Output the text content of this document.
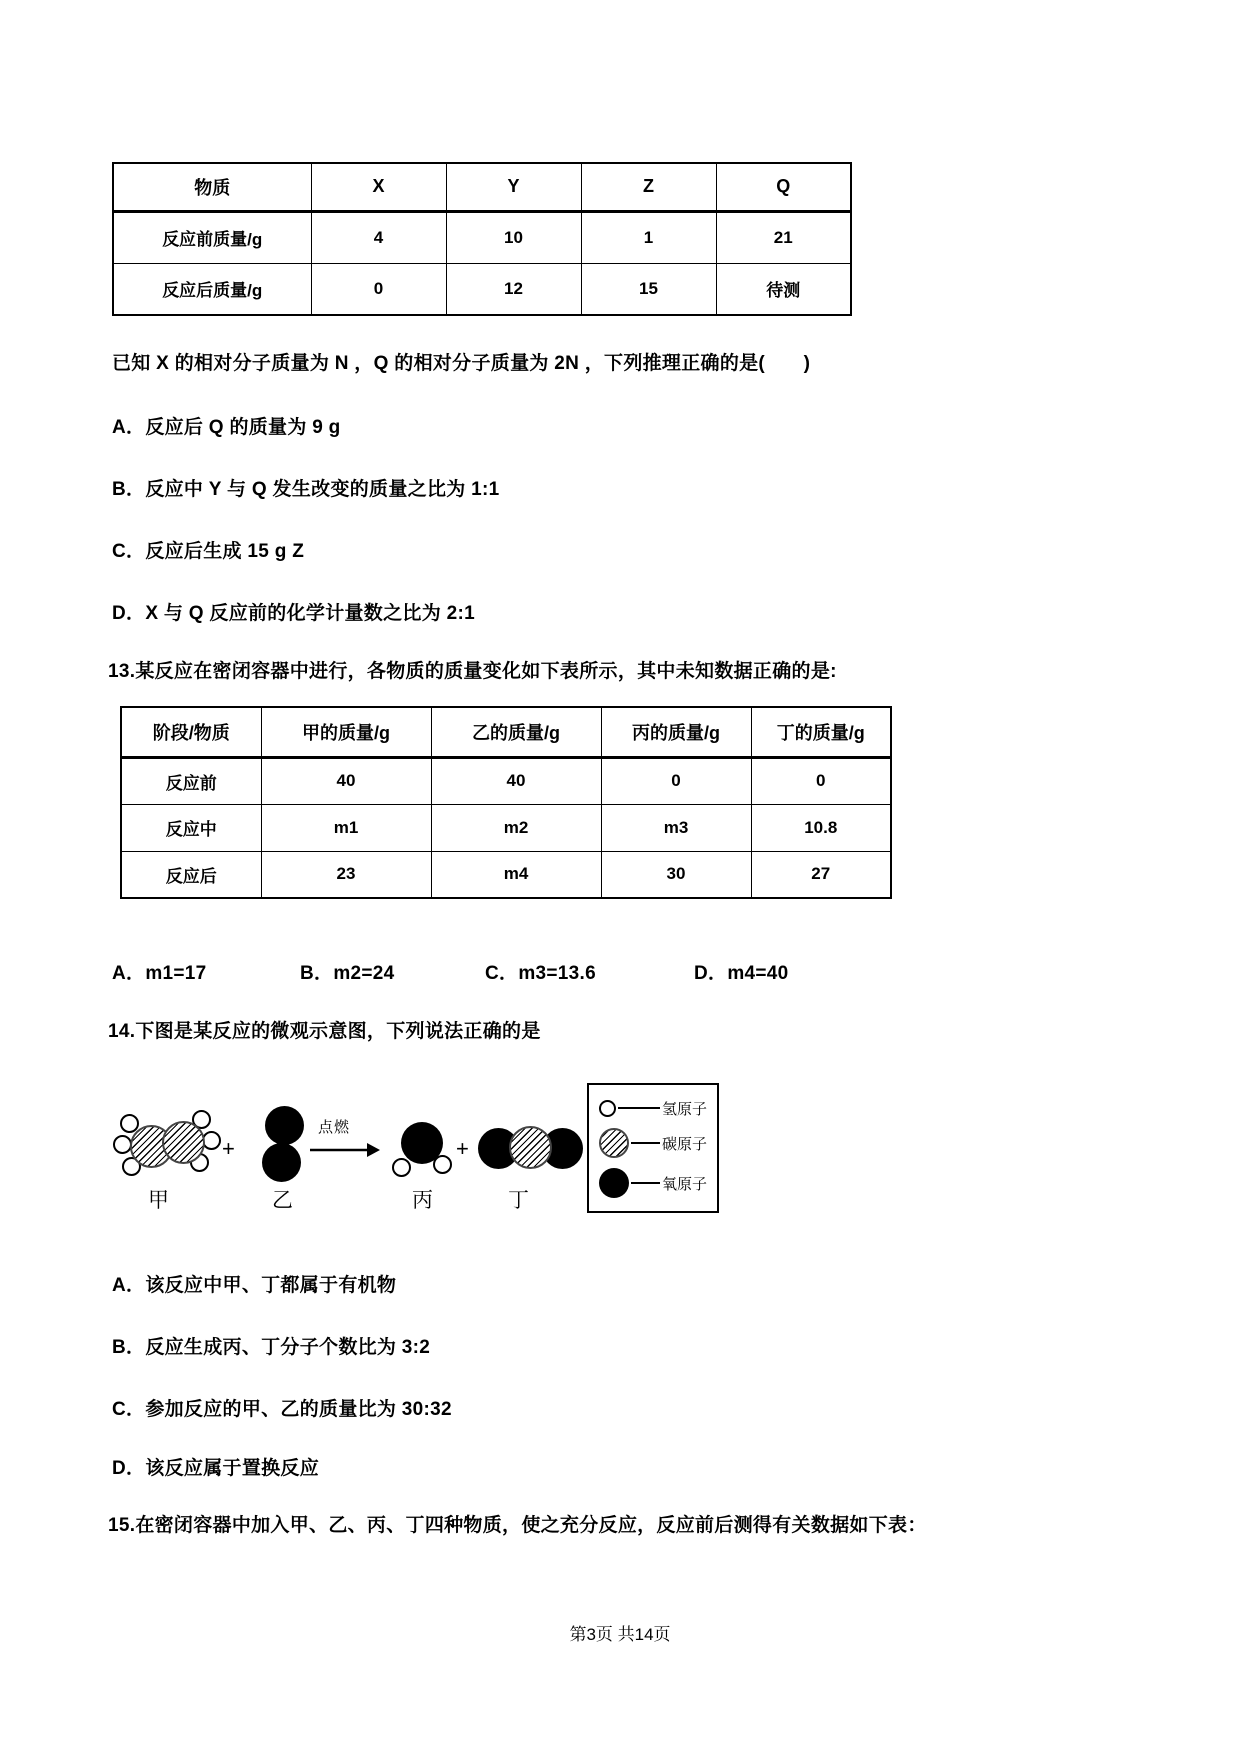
物质	X	Y	Z	Q
反应前质量/g	4	10	1	21
反应后质量/g	0	12	15	待测
已知 X 的相对分子质量为 N ，Q 的相对分子质量为 2N ，下列推理正确的是(　　)
A．反应后 Q 的质量为 9 g
B．反应中 Y 与 Q 发生改变的质量之比为 1:1
C．反应后生成 15 g Z
D．X 与 Q 反应前的化学计量数之比为 2:1
13.某反应在密闭容器中进行，各物质的质量变化如下表所示，其中未知数据正确的是:
阶段/物质	甲的质量/g	乙的质量/g	丙的质量/g	丁的质量/g
反应前	40	40	0	0
反应中	m1	m2	m3	10.8
反应后	23	m4	30	27
A．m1=17	B．m2=24	C．m3=13.6	D．m4=40
14.下图是某反应的微观示意图，下列说法正确的是
+
点燃
+
甲	乙	丙	丁
氢原子
碳原子
氧原子
A．该反应中甲、丁都属于有机物
B．反应生成丙、丁分子个数比为 3:2
C．参加反应的甲、乙的质量比为 30:32
D．该反应属于置换反应
15.在密闭容器中加入甲、乙、丙、丁四种物质，使之充分反应，反应前后测得有关数据如下表：
第3页 共14页
